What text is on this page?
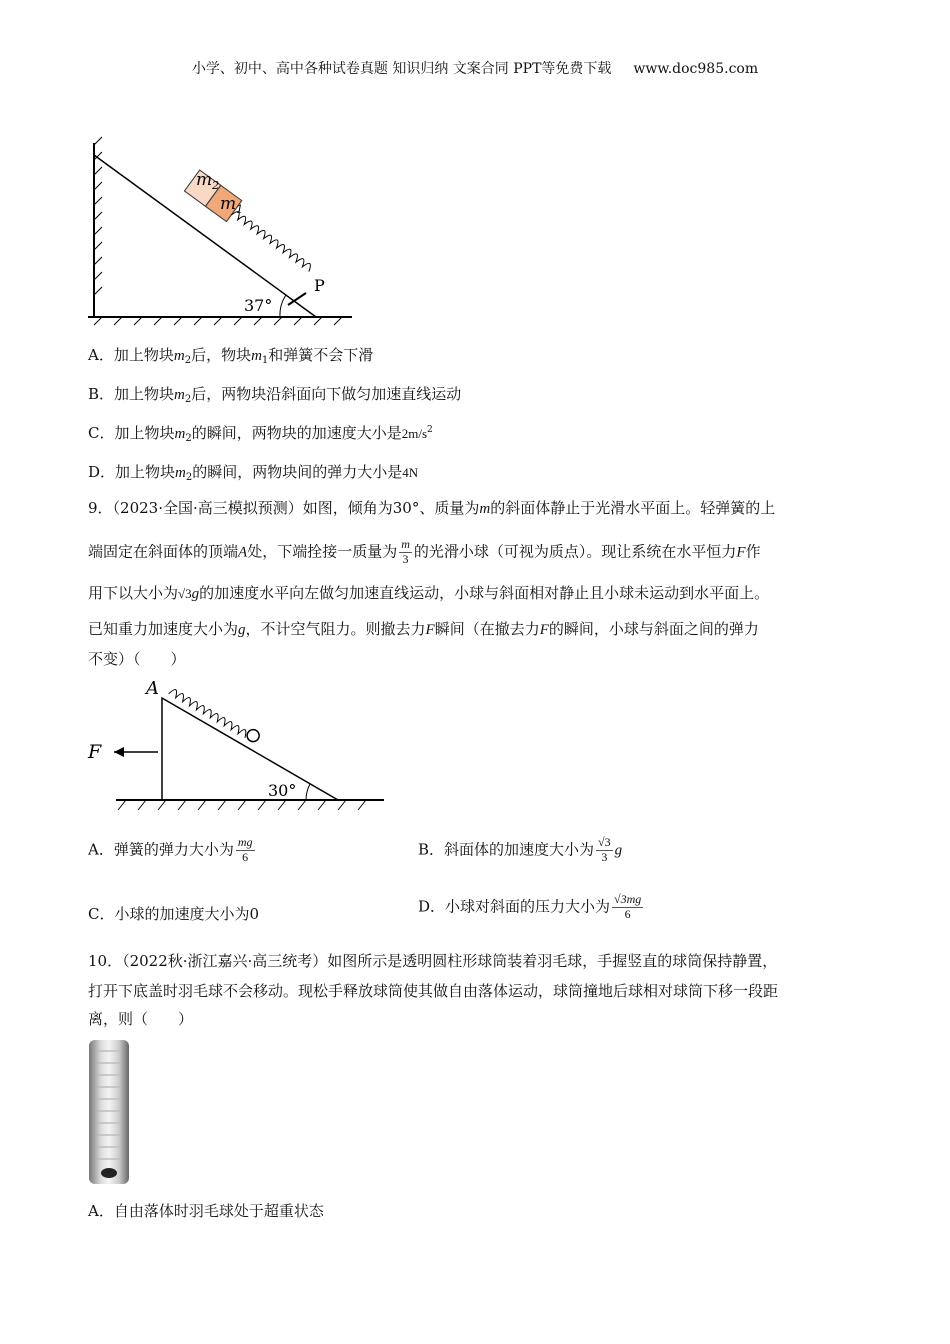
小学、初中、高中各种试卷真题 知识归纳 文案合同 PPT等免费下载 www.doc985.com
$m_2$
$m_1$
P
37°
A．加上物块$m_2$后，物块$m_1$和弹簧不会下滑
B．加上物块$m_2$后，两物块沿斜面向下做匀加速直线运动
C．加上物块$m_2$的瞬间，两物块的加速度大小是$2m/s^2$
D．加上物块$m_2$的瞬间，两物块间的弹力大小是4N
9．（2023·全国·高三模拟预测）如图，倾角为30°、质量为m的斜面体静止于光滑水平面上。轻弹簧的上
端固定在斜面体的顶端A处，下端拴接一质量为 $\frac{m}{3}$ 的光滑小球（可视为质点）。现让系统在水平恒力F作
用下以大小为√3g的加速度水平向左做匀加速直线运动，小球与斜面相对静止且小球未运动到水平面上。
已知重力加速度大小为g，不计空气阻力。则撤去力F瞬间（在撤去力F的瞬间，小球与斜面之间的弹力
不变）（　　）
A
F
30°
A．弹簧的弹力大小为 $\frac{mg}{6}$	B．斜面体的加速度大小为 $\frac{√3}{3}$ g
C．小球的加速度大小为0	D．小球对斜面的压力大小为 $\frac{√3mg}{6}$
10．（2022秋·浙江嘉兴·高三统考）如图所示是透明圆柱形球筒装着羽毛球，手握竖直的球筒保持静置，
打开下底盖时羽毛球不会移动。现松手释放球筒使其做自由落体运动，球筒撞地后球相对球筒下移一段距
离，则（　　）
A．自由落体时羽毛球处于超重状态
